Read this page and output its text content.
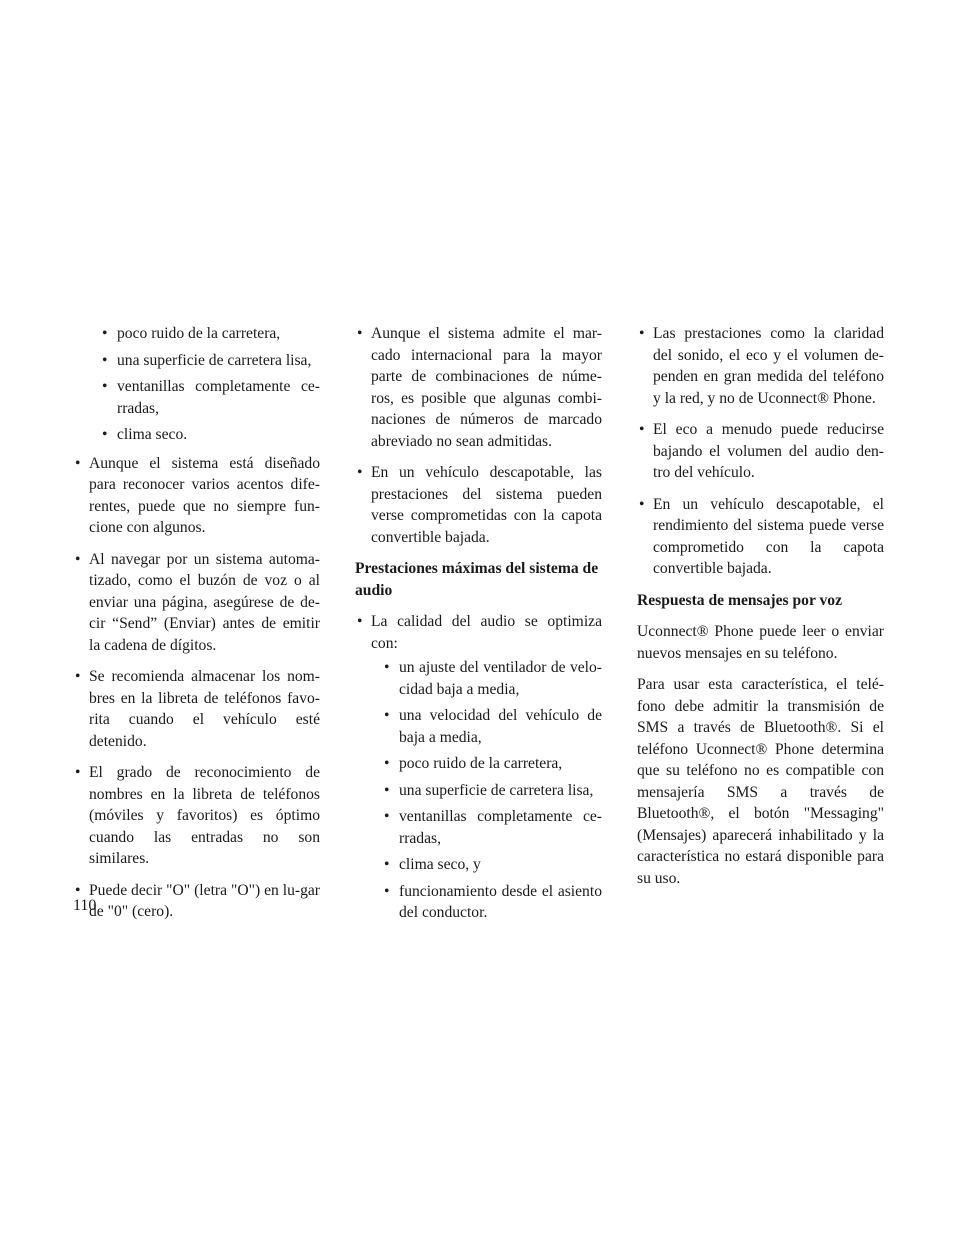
• poco ruido de la carretera,

• una superficie de carretera lisa,

• ventanillas completamente ce-rradas,

• clima seco.

• Aunque el sistema está diseñado para reconocer varios acentos dife-rentes, puede que no siempre fun-cione con algunos.

• Al navegar por un sistema automa-tizado, como el buzón de voz o al enviar una página, asegúrese de de-cir “Send” (Enviar) antes de emitir la cadena de dígitos.

• Se recomienda almacenar los nom-bres en la libreta de teléfonos favo-rita cuando el vehículo esté detenido.

• El grado de reconocimiento de nombres en la libreta de teléfonos (móviles y favoritos) es óptimo cuando las entradas no son similares.

• Puede decir "O" (letra "O") en lu-gar de "0" (cero).

• Aunque el sistema admite el mar-cado internacional para la mayor parte de combinaciones de núme-ros, es posible que algunas combi-naciones de números de marcado abreviado no sean admitidas.

• En un vehículo descapotable, las prestaciones del sistema pueden verse comprometidas con la capota convertible bajada.

Prestaciones máximas del sistema de audio

• La calidad del audio se optimiza con:

• un ajuste del ventilador de velo-cidad baja a media,

• una velocidad del vehículo de baja a media,

• poco ruido de la carretera,

• una superficie de carretera lisa,

• ventanillas completamente ce-rradas,

• clima seco, y

• funcionamiento desde el asiento del conductor.

• Las prestaciones como la claridad del sonido, el eco y el volumen de-penden en gran medida del teléfono y la red, y no de Uconnect® Phone.

• El eco a menudo puede reducirse bajando el volumen del audio den-tro del vehículo.

• En un vehículo descapotable, el rendimiento del sistema puede verse comprometido con la capota convertible bajada.

Respuesta de mensajes por voz

Uconnect® Phone puede leer o enviar nuevos mensajes en su teléfono.

Para usar esta característica, el telé-fono debe admitir la transmisión de SMS a través de Bluetooth®. Si el teléfono Uconnect® Phone determina que su teléfono no es compatible con mensajería SMS a través de Bluetooth®, el botón "Messaging" (Mensajes) aparecerá inhabilitado y la característica no estará disponible para su uso.

110
